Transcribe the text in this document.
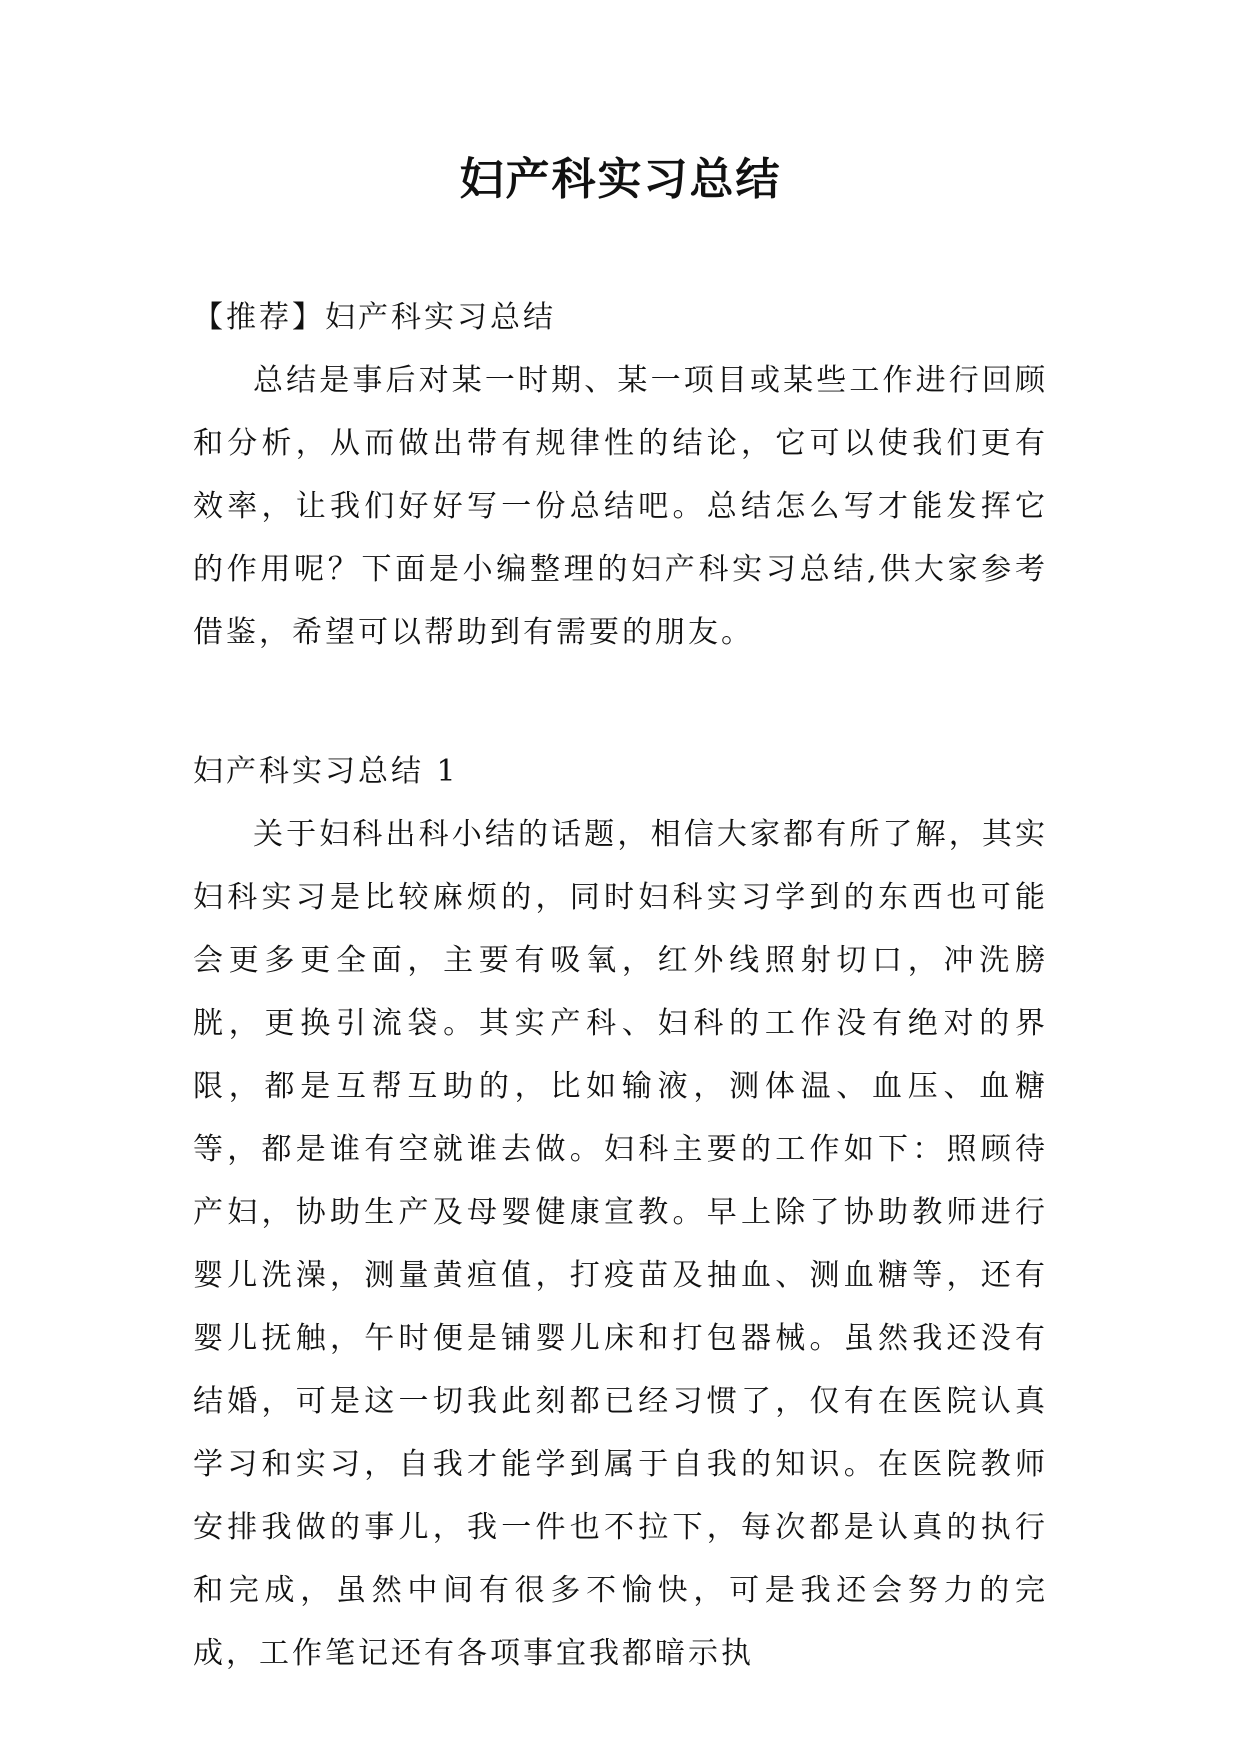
妇产科实习总结

【推荐】妇产科实习总结

总结是事后对某一时期、某一项目或某些工作进行回顾和分析，从而做出带有规律性的结论，它可以使我们更有效率，让我们好好写一份总结吧。总结怎么写才能发挥它的作用呢？下面是小编整理的妇产科实习总结,供大家参考借鉴，希望可以帮助到有需要的朋友。

妇产科实习总结 1

关于妇科出科小结的话题，相信大家都有所了解，其实妇科实习是比较麻烦的，同时妇科实习学到的东西也可能会更多更全面，主要有吸氧，红外线照射切口，冲洗膀胱，更换引流袋。其实产科、妇科的工作没有绝对的界限，都是互帮互助的，比如输液，测体温、血压、血糖等，都是谁有空就谁去做。妇科主要的工作如下：照顾待产妇，协助生产及母婴健康宣教。早上除了协助教师进行婴儿洗澡，测量黄疸值，打疫苗及抽血、测血糖等，还有婴儿抚触，午时便是铺婴儿床和打包器械。虽然我还没有结婚，可是这一切我此刻都已经习惯了，仅有在医院认真学习和实习，自我才能学到属于自我的知识。在医院教师安排我做的事儿，我一件也不拉下，每次都是认真的执行和完成，虽然中间有很多不愉快，可是我还会努力的完成，工作笔记还有各项事宜我都暗示执
